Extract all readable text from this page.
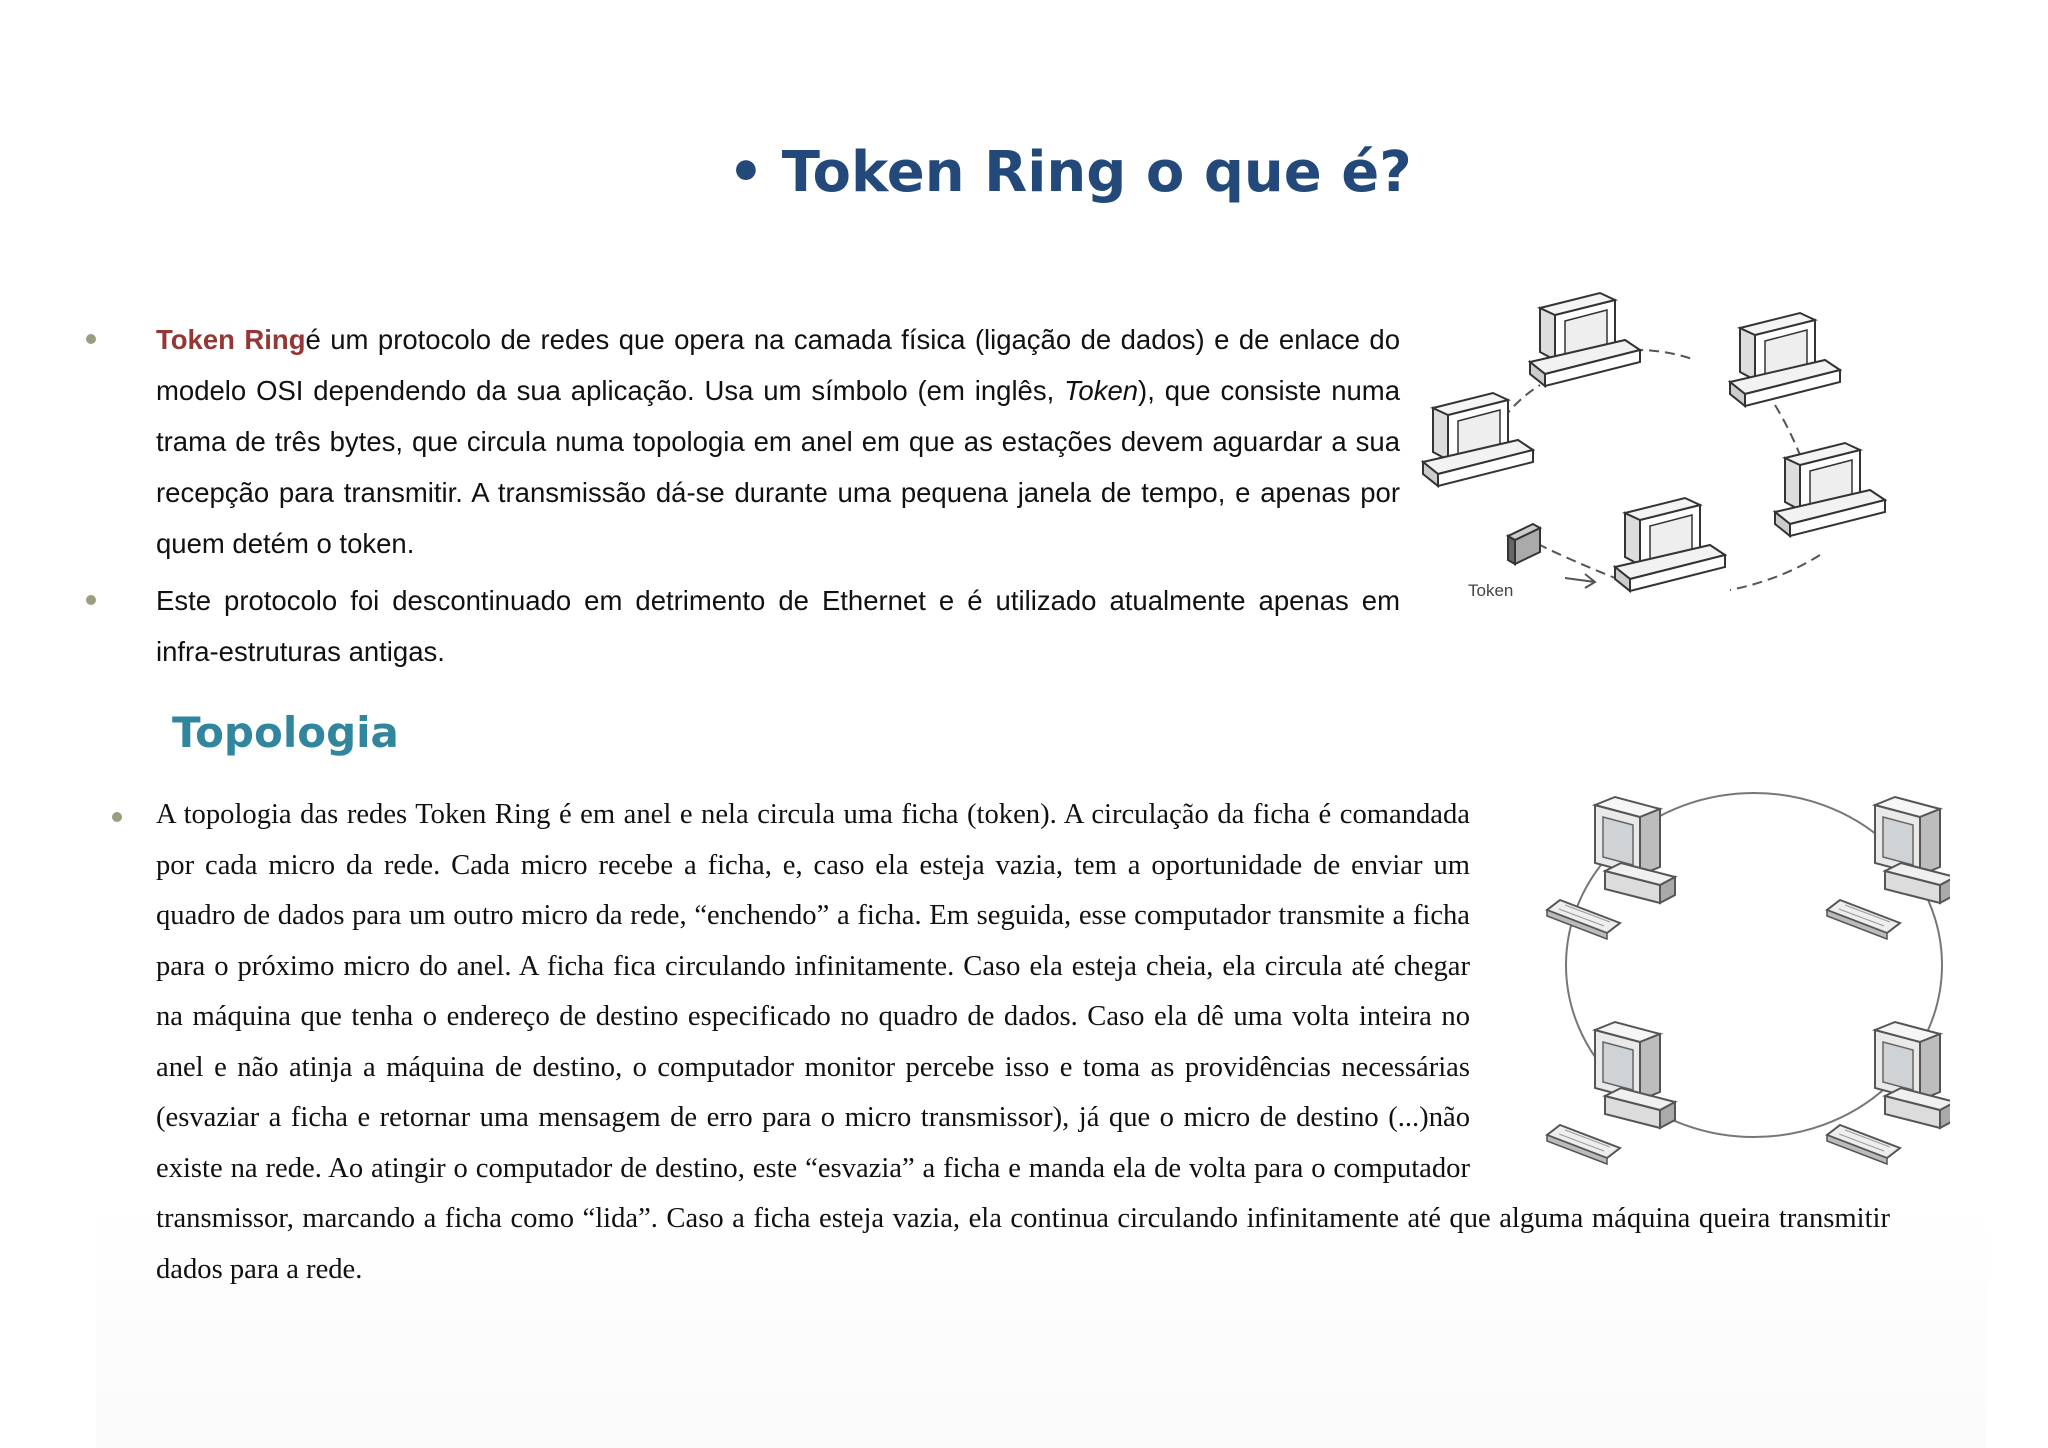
• Token Ring o que é?

Token Ringé um protocolo de redes que opera na camada física (ligação de dados) e de enlace do modelo OSI dependendo da sua aplicação. Usa um símbolo (em inglês, Token), que consiste numa trama de três bytes, que circula numa topologia em anel em que as estações devem aguardar a sua recepção para transmitir. A transmissão dá-se durante uma pequena janela de tempo, e apenas por quem detém o token.

Este protocolo foi descontinuado em detrimento de Ethernet e é utilizado atualmente apenas em infra-estruturas antigas.

Token
Topologia
A topologia das redes Token Ring é em anel e nela circula uma ficha (token). A circulação da ficha é comandada por cada micro da rede. Cada micro recebe a ficha, e, caso ela esteja vazia, tem a oportunidade de enviar um quadro de dados para um outro micro da rede, “enchendo” a ficha. Em seguida, esse computador transmite a ficha para o próximo micro do anel. A ficha fica circulando infinitamente. Caso ela esteja cheia, ela circula até chegar na máquina que tenha o endereço de destino especificado no quadro de dados. Caso ela dê uma volta inteira no anel e não atinja a máquina de destino, o computador monitor percebe isso e toma as providências necessárias (esvaziar a ficha e retornar uma mensagem de erro para o micro transmissor), já que o micro de destino (...)não existe na rede. Ao atingir o computador de destino, este “esvazia” a ficha e manda ela de volta para o computador transmissor, marcando a ficha como “lida”. Caso a ficha esteja vazia, ela continua circulando infinitamente até que alguma máquina queira transmitir dados para a rede.
